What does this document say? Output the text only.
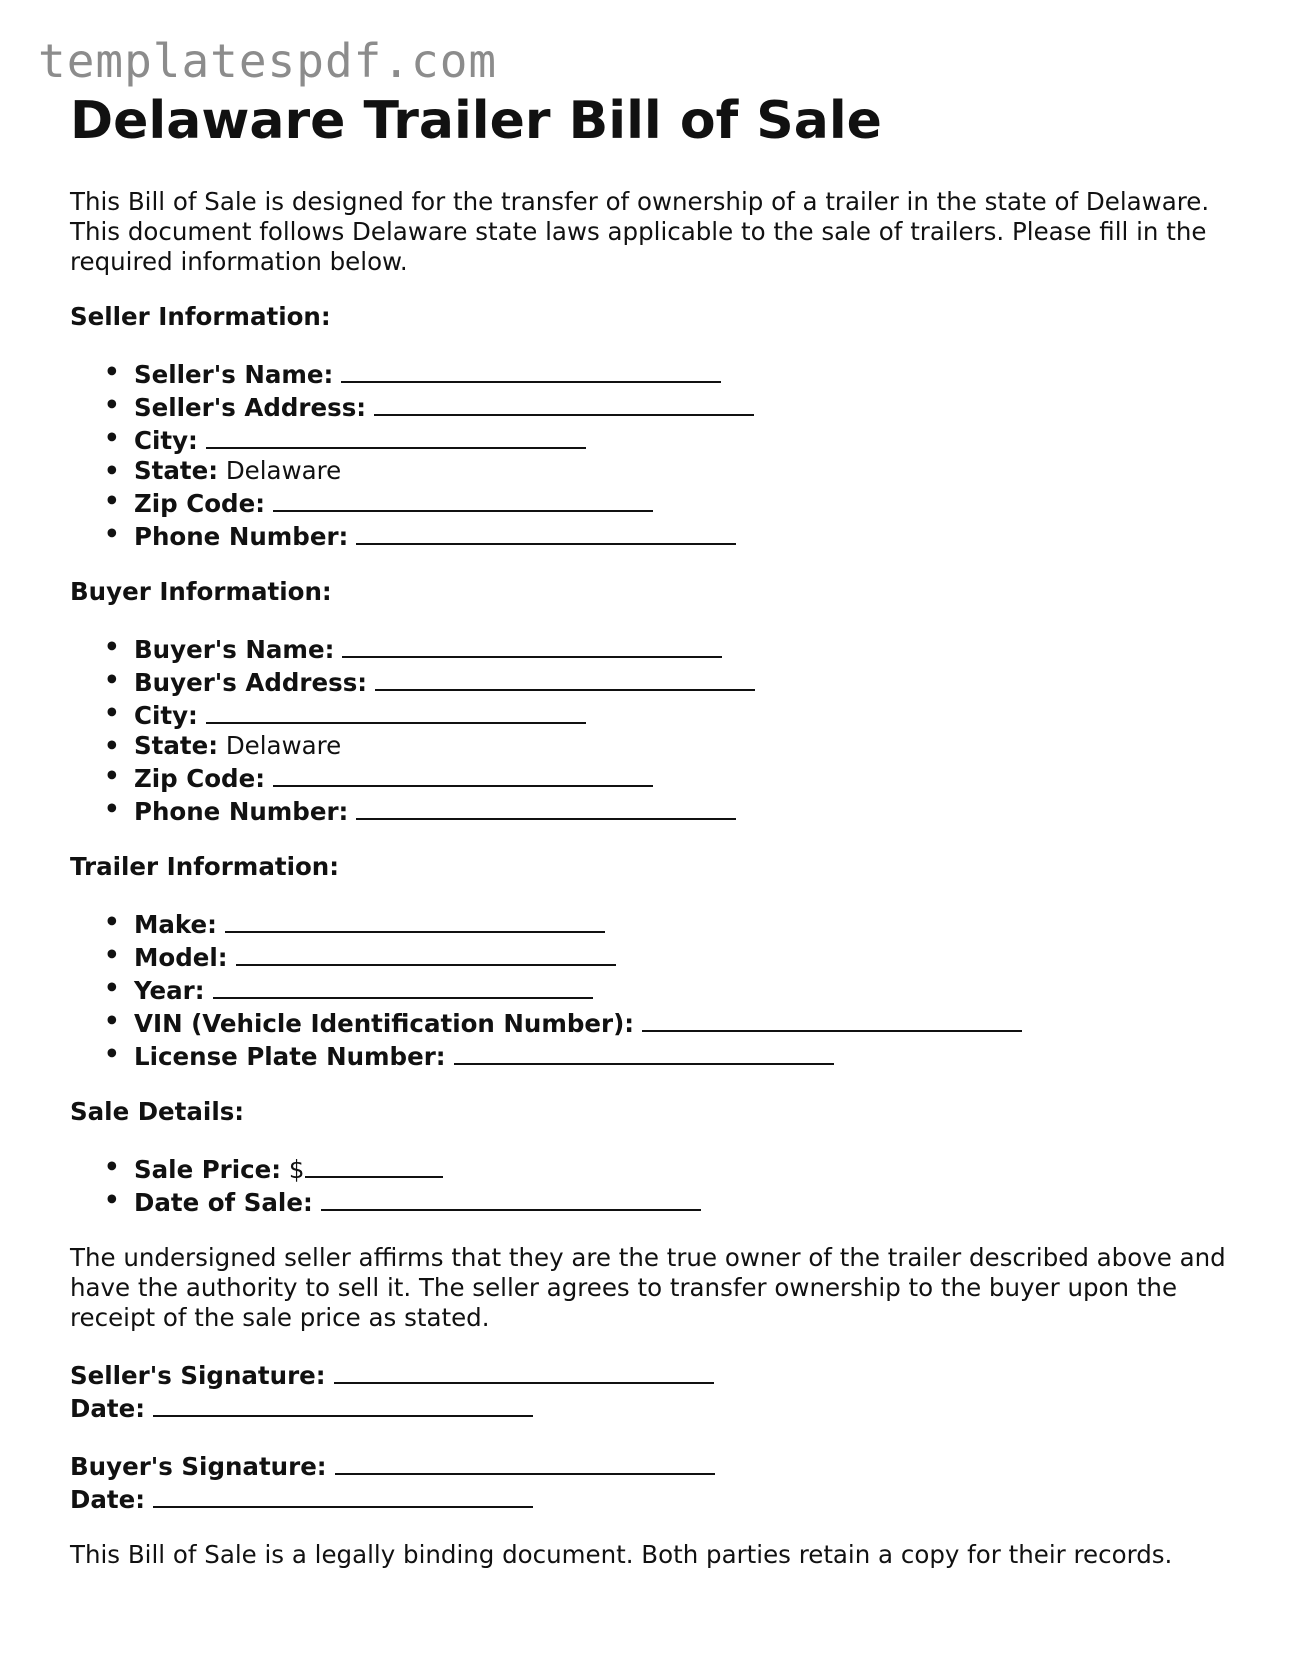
templatespdf.com
Delaware Trailer Bill of Sale

This Bill of Sale is designed for the transfer of ownership of a trailer in the state of Delaware. This document follows Delaware state laws applicable to the sale of trailers. Please fill in the required information below.

Seller Information:
• Seller's Name:
• Seller's Address:
• City:
• State: Delaware
• Zip Code:
• Phone Number:
Buyer Information:
• Buyer's Name:
• Buyer's Address:
• City:
• State: Delaware
• Zip Code:
• Phone Number:
Trailer Information:
• Make:
• Model:
• Year:
• VIN (Vehicle Identification Number):
• License Plate Number:
Sale Details:
• Sale Price: $
• Date of Sale:

The undersigned seller affirms that they are the true owner of the trailer described above and have the authority to sell it. The seller agrees to transfer ownership to the buyer upon the receipt of the sale price as stated.

Seller's Signature:
Date:
Buyer's Signature:
Date:

This Bill of Sale is a legally binding document. Both parties retain a copy for their records.
